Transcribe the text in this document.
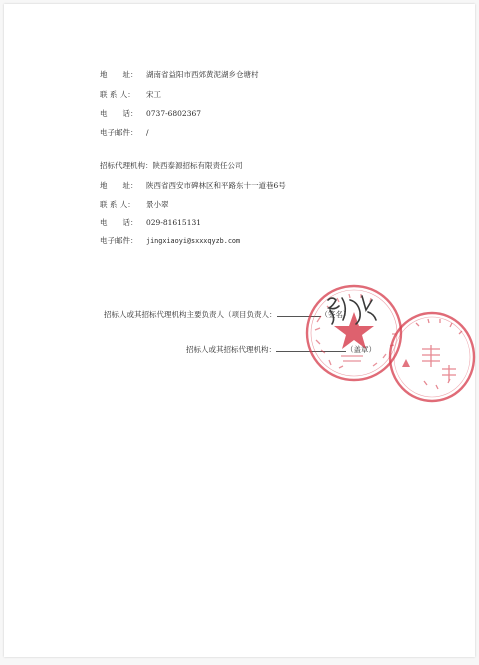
地　　址： 湖南省益阳市西郊黄泥湖乡仓塘村
联 系 人： 宋工
电　　话： 0737-6802367
电子邮件： /
招标代理机构：陕西泰源招标有限责任公司
地　　址： 陕西省西安市碑林区和平路东十一道巷6号
联 系 人： 景小翠
电　　话： 029-81615131
电子邮件： jingxiaoyi@sxxxqyzb.com
招标人或其招标代理机构主要负责人（项目负责人：	（签名）
招标人或其招标代理机构：	（盖章）
